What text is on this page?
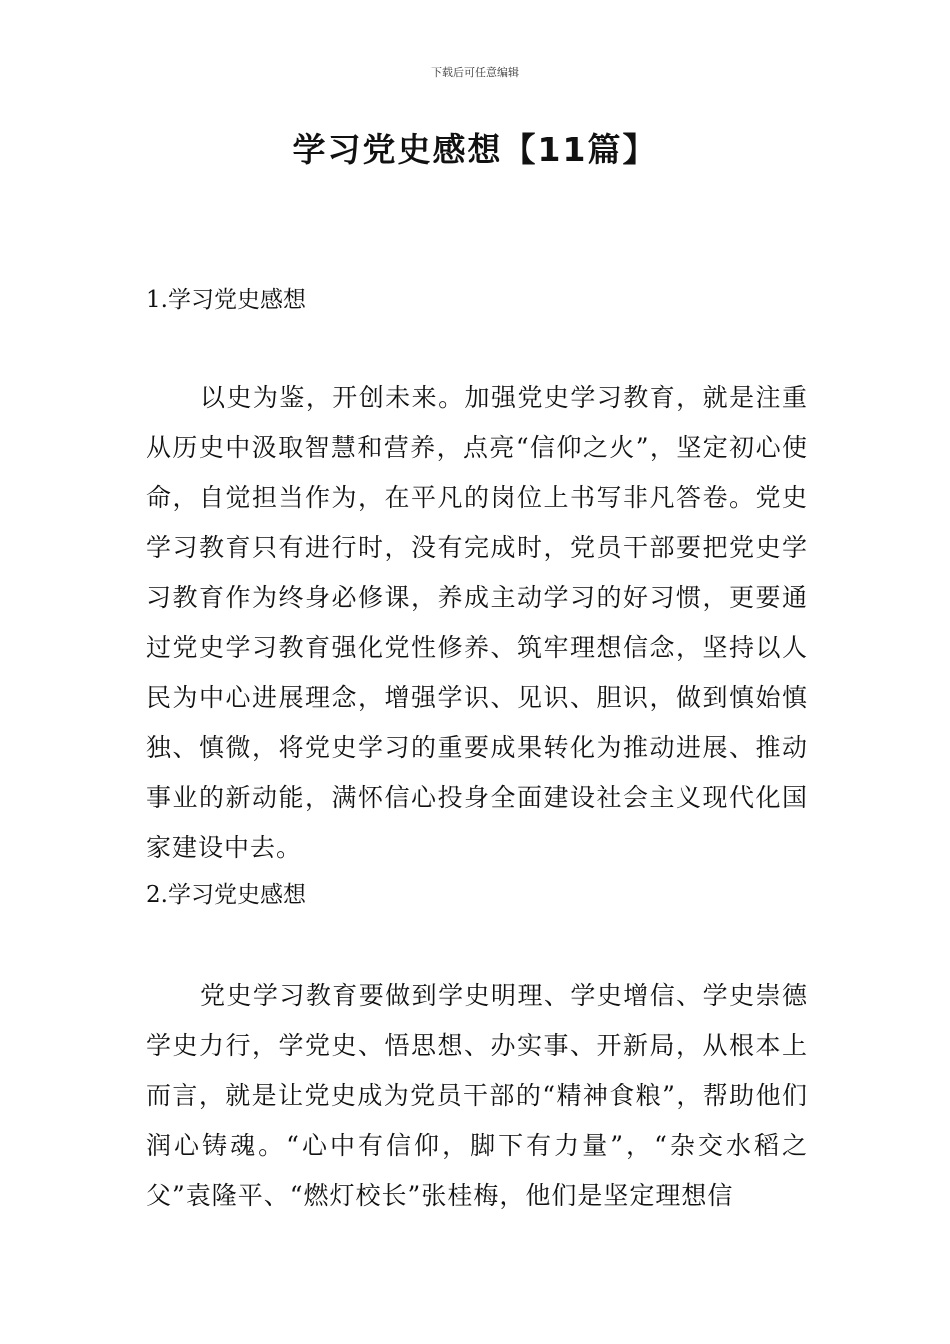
下载后可任意编辑
学习党史感想【11篇】
1.学习党史感想

以史为鉴，开创未来。加强党史学习教育，就是注重从历史中汲取智慧和营养，点亮“信仰之火”，坚定初心使命，自觉担当作为，在平凡的岗位上书写非凡答卷。党史学习教育只有进行时，没有完成时，党员干部要把党史学习教育作为终身必修课，养成主动学习的好习惯，更要通过党史学习教育强化党性修养、筑牢理想信念，坚持以人民为中心进展理念，增强学识、见识、胆识，做到慎始慎独、慎微，将党史学习的重要成果转化为推动进展、推动事业的新动能，满怀信心投身全面建设社会主义现代化国家建设中去。

2.学习党史感想

党史学习教育要做到学史明理、学史增信、学史崇德学史力行，学党史、悟思想、办实事、开新局，从根本上而言，就是让党史成为党员干部的“精神食粮”，帮助他们润心铸魂。“心中有信仰，脚下有力量”，“杂交水稻之父”袁隆平、“燃灯校长”张桂梅，他们是坚定理想信
